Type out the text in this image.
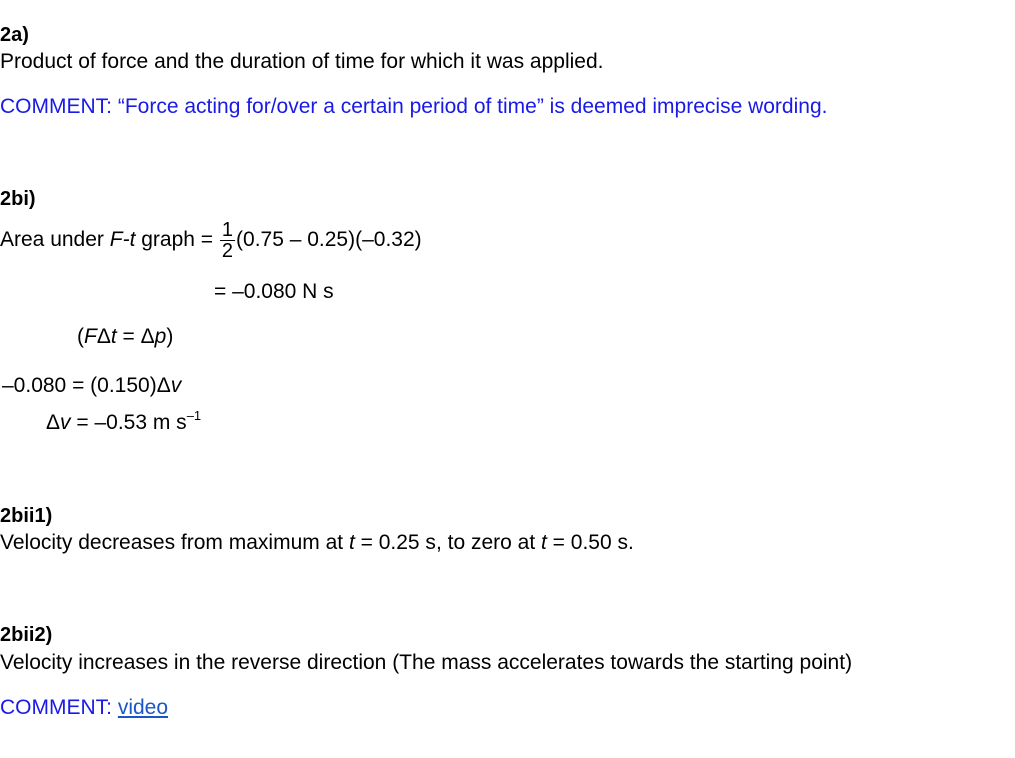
2a)
Product of force and the duration of time for which it was applied.
COMMENT: “Force acting for/over a certain period of time” is deemed imprecise wording.
2bi)
Area under F-t graph = $\frac{1}{2} (0.75 - 0.25)(-0.32)$
= –0.080 N s
(FΔt = Δp)
–0.080 = (0.150)Δv
Δv = –0.53 m $s^{-1}$
2bii1)
Velocity decreases from maximum at t = 0.25 s, to zero at t = 0.50 s.
2bii2)
Velocity increases in the reverse direction (The mass accelerates towards the starting point)
COMMENT: video
